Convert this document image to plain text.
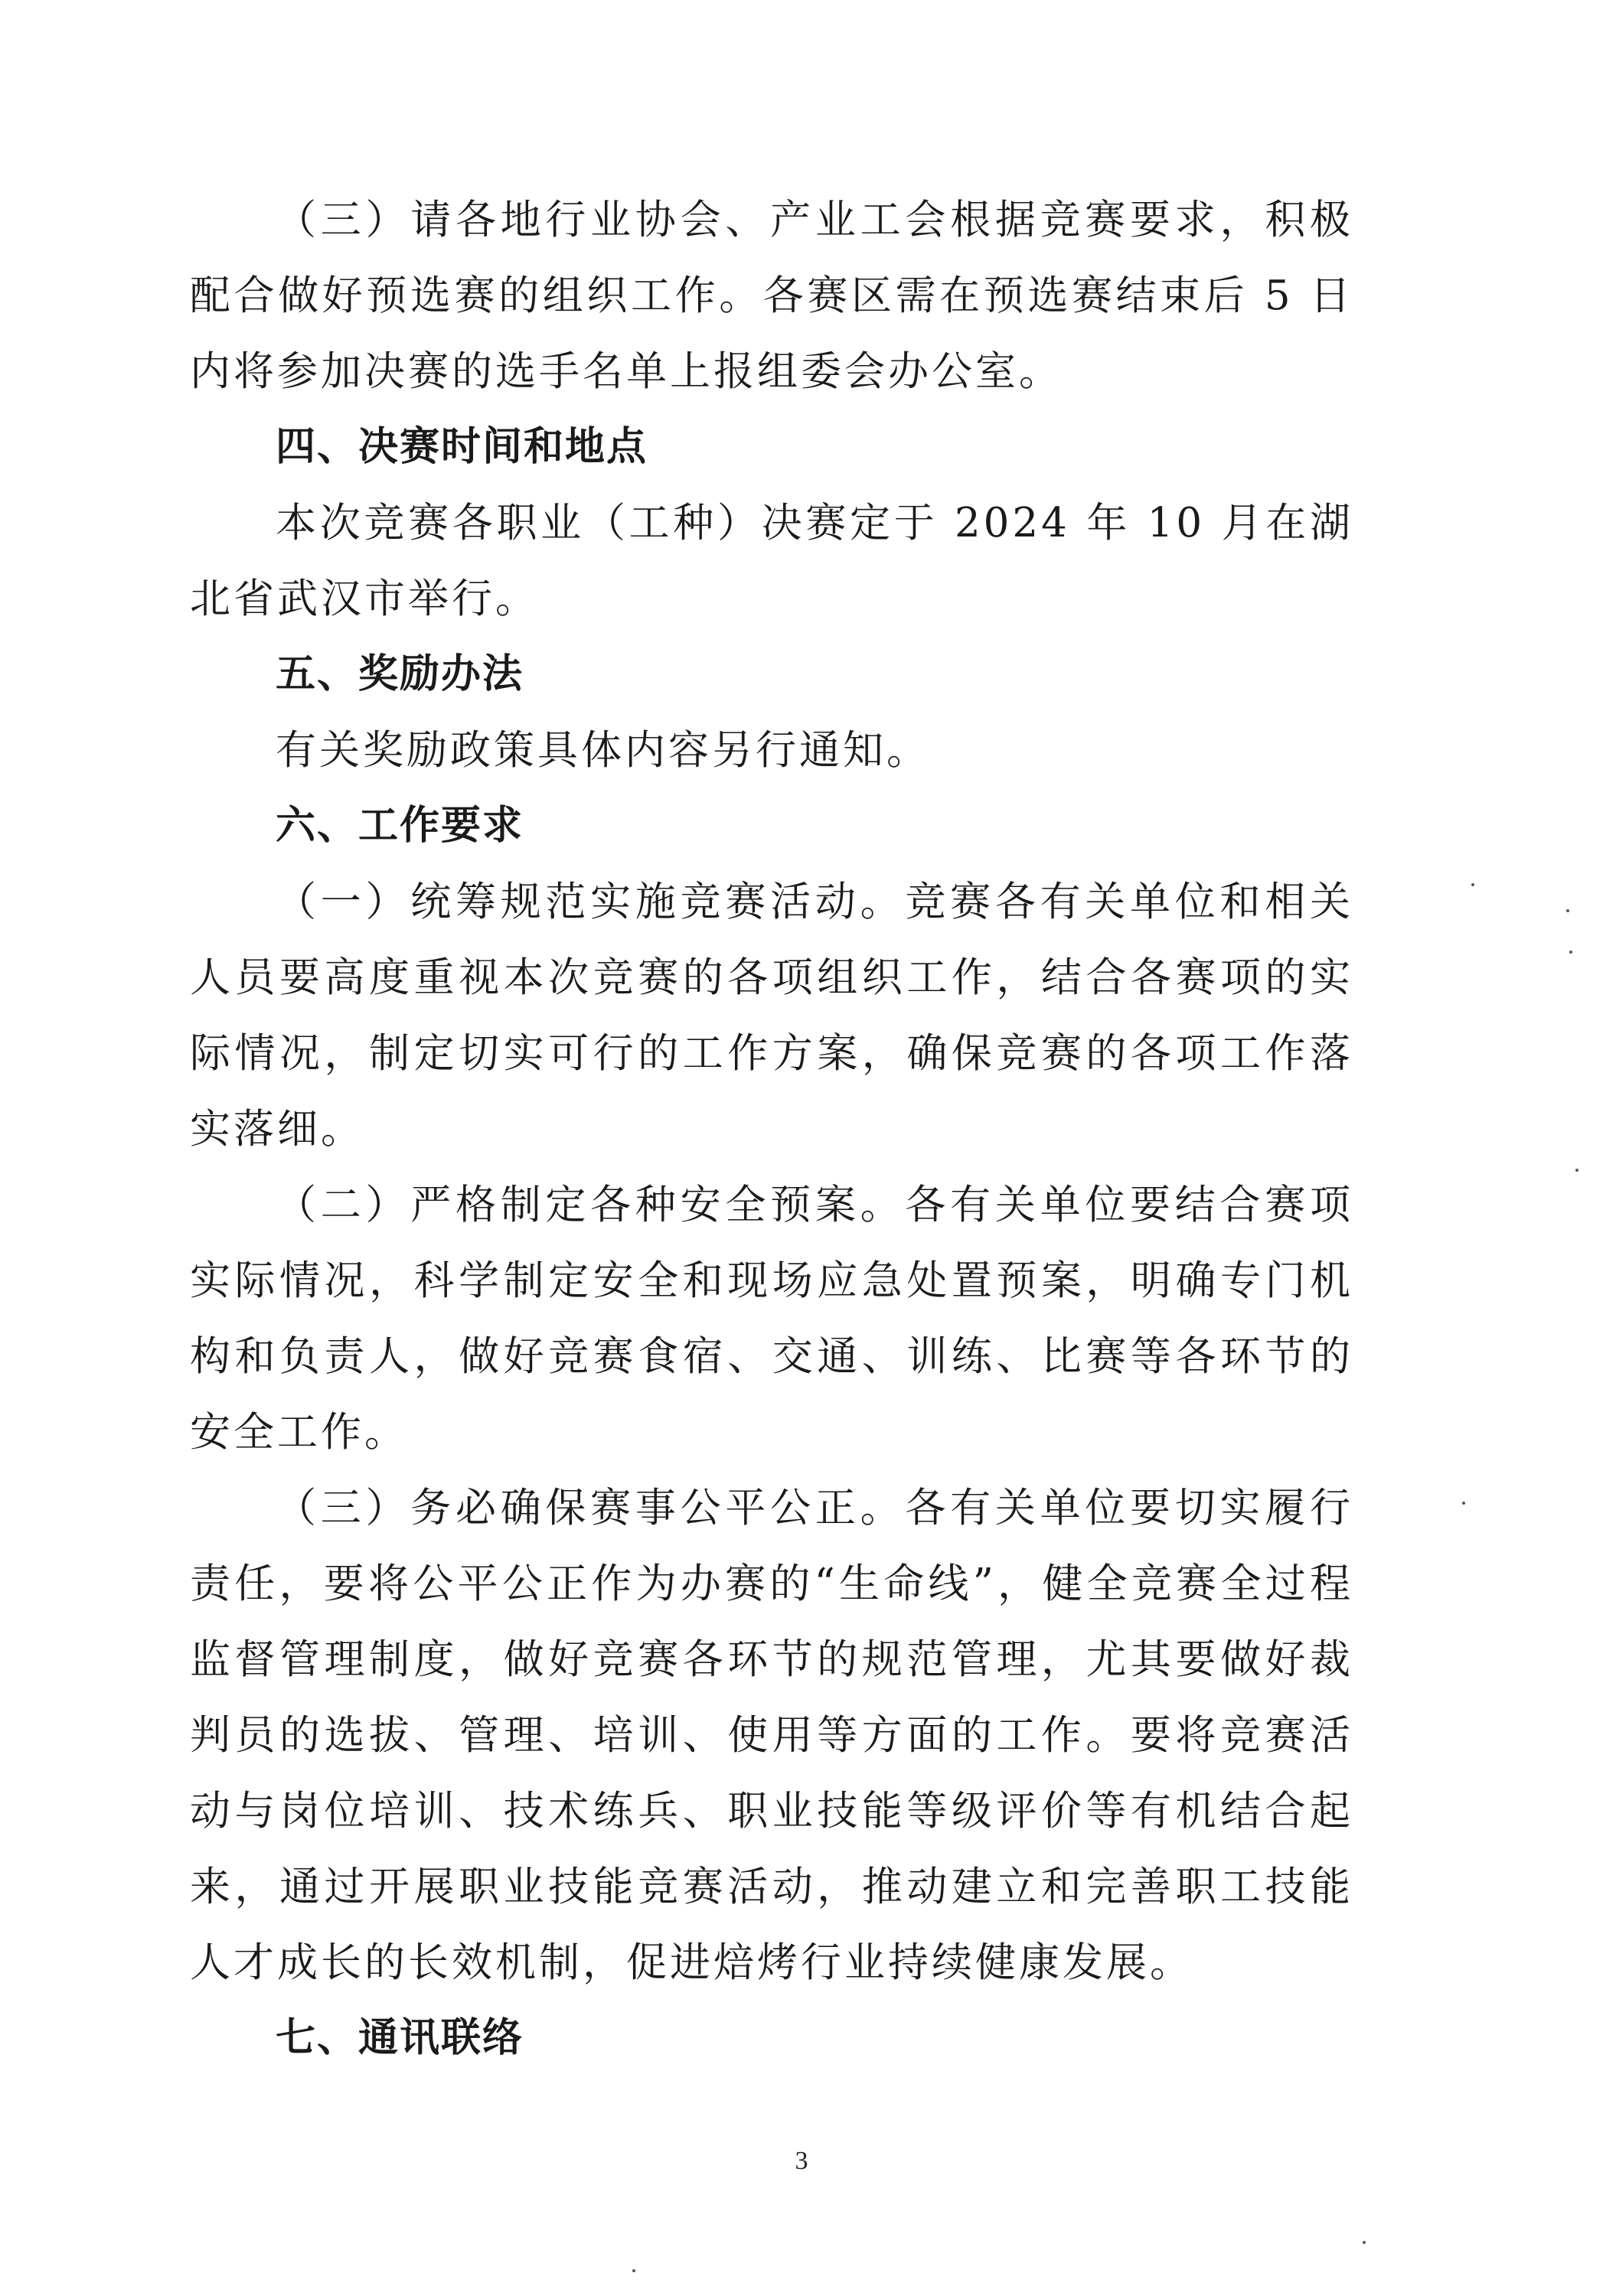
（三）请各地行业协会、产业工会根据竞赛要求，积极配合做好预选赛的组织工作。各赛区需在预选赛结束后 5 日内将参加决赛的选手名单上报组委会办公室。

四、决赛时间和地点

本次竞赛各职业（工种）决赛定于 2024 年 10 月在湖北省武汉市举行。

五、奖励办法

有关奖励政策具体内容另行通知。

六、工作要求

（一）统筹规范实施竞赛活动。竞赛各有关单位和相关人员要高度重视本次竞赛的各项组织工作，结合各赛项的实际情况，制定切实可行的工作方案，确保竞赛的各项工作落实落细。

（二）严格制定各种安全预案。各有关单位要结合赛项实际情况，科学制定安全和现场应急处置预案，明确专门机构和负责人，做好竞赛食宿、交通、训练、比赛等各环节的安全工作。

（三）务必确保赛事公平公正。各有关单位要切实履行责任，要将公平公正作为办赛的“生命线”，健全竞赛全过程监督管理制度，做好竞赛各环节的规范管理，尤其要做好裁判员的选拔、管理、培训、使用等方面的工作。要将竞赛活动与岗位培训、技术练兵、职业技能等级评价等有机结合起来，通过开展职业技能竞赛活动，推动建立和完善职工技能人才成长的长效机制，促进焙烤行业持续健康发展。

七、通讯联络

3
